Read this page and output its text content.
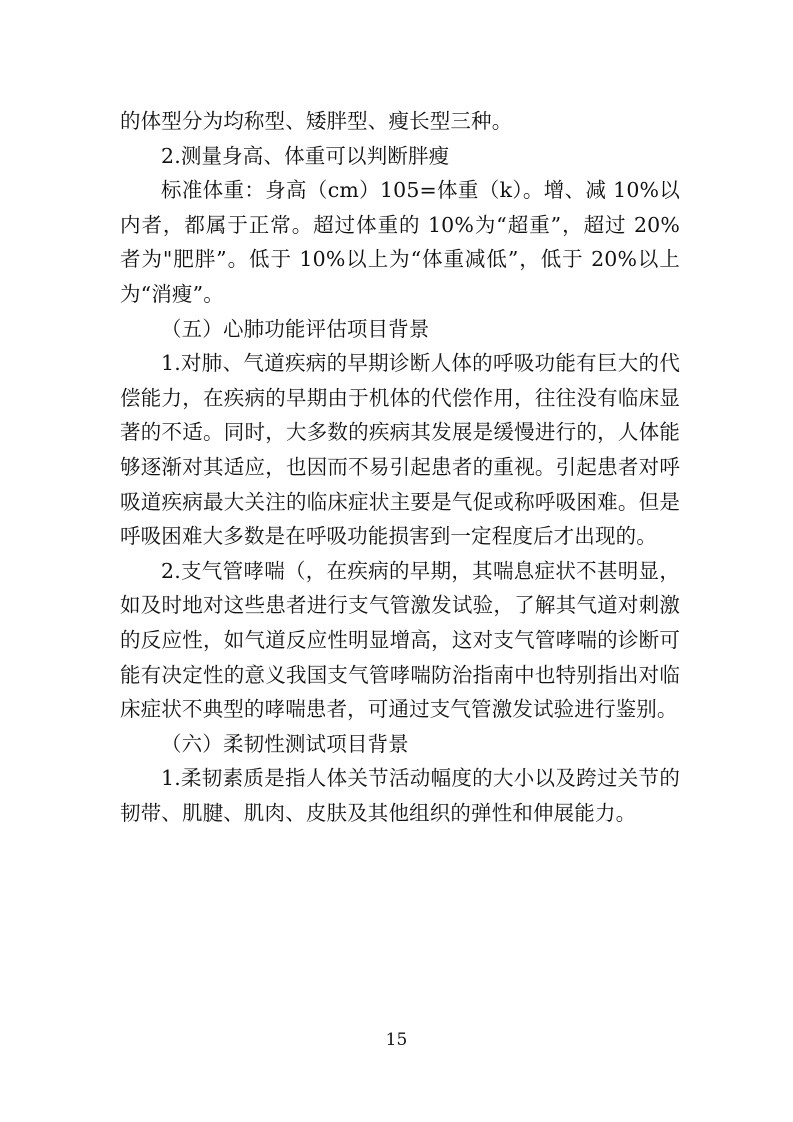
的体型分为均称型、矮胖型、瘦长型三种。

2.测量身高、体重可以判断胖瘦

标准体重：身高（cm）105=体重（k）。增、减 10%以内者，都属于正常。超过体重的 10%为“超重”，超过 20%者为"肥胖”。低于 10%以上为“体重减低”，低于 20%以上为“消瘦”。

（五）心肺功能评估项目背景

1.对肺、气道疾病的早期诊断人体的呼吸功能有巨大的代偿能力，在疾病的早期由于机体的代偿作用，往往没有临床显著的不适。同时，大多数的疾病其发展是缓慢进行的，人体能够逐渐对其适应，也因而不易引起患者的重视。引起患者对呼吸道疾病最大关注的临床症状主要是气促或称呼吸困难。但是呼吸困难大多数是在呼吸功能损害到一定程度后才出现的。

2.支气管哮喘（，在疾病的早期，其喘息症状不甚明显，如及时地对这些患者进行支气管激发试验，了解其气道对刺激的反应性，如气道反应性明显增高，这对支气管哮喘的诊断可能有决定性的意义我国支气管哮喘防治指南中也特别指出对临床症状不典型的哮喘患者，可通过支气管激发试验进行鉴别。

（六）柔韧性测试项目背景

1.柔韧素质是指人体关节活动幅度的大小以及跨过关节的韧带、肌腱、肌肉、皮肤及其他组织的弹性和伸展能力。

15
